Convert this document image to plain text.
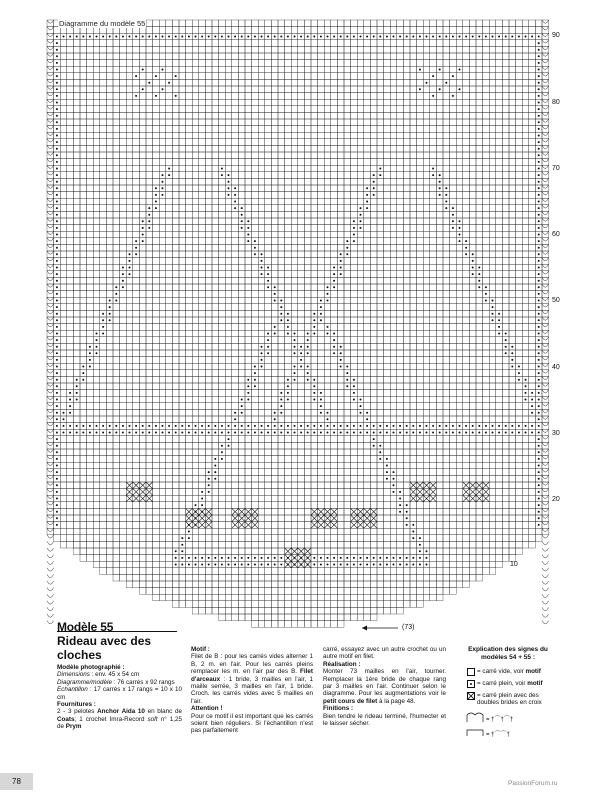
Diagramme du modèle 55
90
80
70
60
50
40
30
20
10
(73)
Modèle 55
Rideau avec des cloches
Modèle photographié :
Dimensions : env. 45 x 54 cm
Diagramme/modèle : 76 carrés x 92 rangs
Echantillon : 17 carrés x 17 rangs = 10 x 10 cm
Fournitures :
2 - 3 pelotes Anchor Aida 10 en blanc de Coats; 1 crochet Imra-Record soft n° 1,25 de Prym
Motif :
Filet de B : pour les carrés vides alterner 1 B, 2 m. en l'air. Pour les carrés pleins remplacer les m. en l'air par des B. Filet d'arceaux : 1 bride, 3 mailles en l'air, 1 maille serrée, 3 mailles en l'air, 1 bride. Croch. les carrés vides avec 5 mailles en l'air.
Attention !
Pour ce motif il est important que les carrés soient bien réguliers. Si l'échantillon n'est pas parfaitement
carré, essayez avec un autre crochet ou un autre motif en filet.
Réalisation :
Monter 73 mailles en l'air, tourner. Remplacer la 1ère bride de chaque rang par 3 mailles en l'air. Continuer selon le diagramme. Pour les augmentations voir le petit cours de filet à la page 48.
Finitions :
Bien tendre le rideau terminé, l'humecter et le laisser sécher.
Explication des signes du modèles 54 + 55 :
= carré vide, voir motif
= carré plein, voir motif
= carré plein avec des doubles brides en croix
= †⌒†⌒†
= †⌒⌒†
78	PassionForum.ru
